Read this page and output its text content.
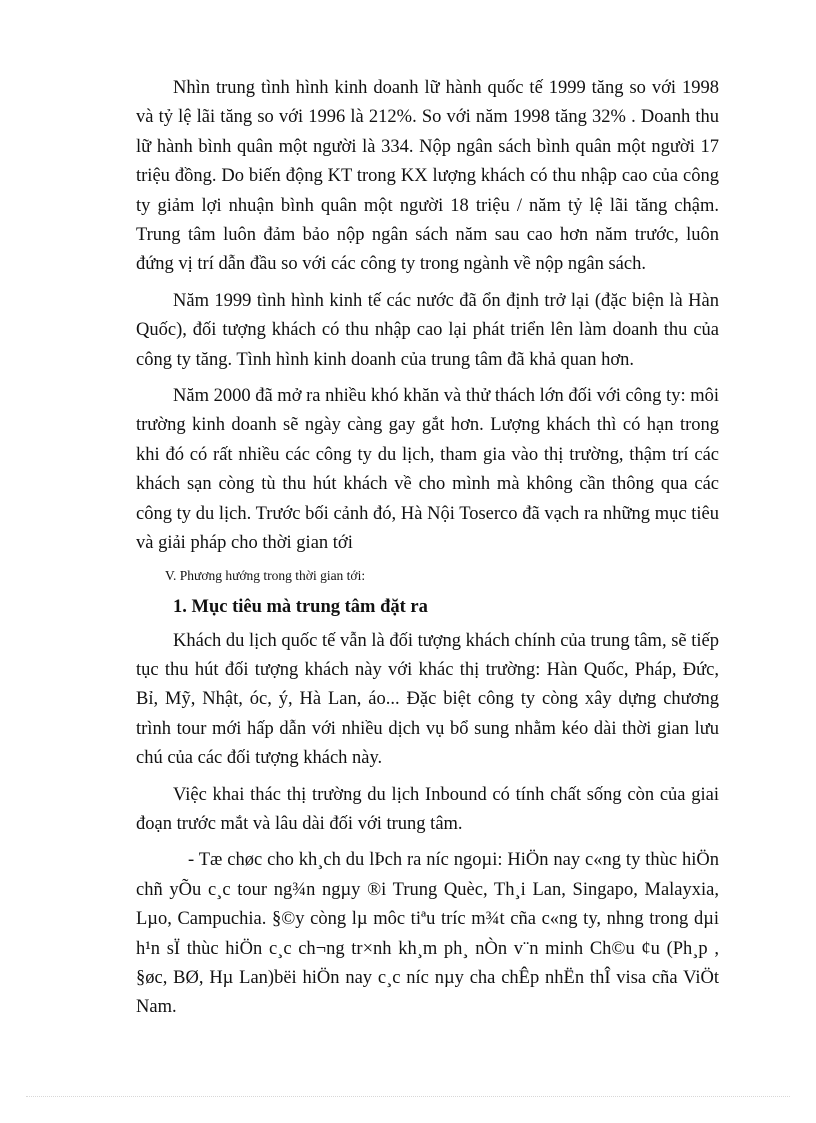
Nhìn trung tình hình kinh doanh lữ hành quốc tế 1999 tăng so với 1998 và tỷ lệ lãi tăng so với 1996 là 212%. So với năm 1998 tăng 32% . Doanh thu lữ hành bình quân một người là 334. Nộp ngân sách bình quân một người 17 triệu đồng. Do biến động KT trong KX lượng khách có thu nhập cao của công ty giảm lợi nhuận bình quân một người 18 triệu / năm tỷ lệ lãi tăng chậm. Trung tâm luôn đảm bảo nộp ngân sách năm sau cao hơn năm trước, luôn đứng vị trí dẫn đầu so với các công ty trong ngành về nộp ngân sách.

Năm 1999 tình hình kinh tế các nước đã ổn định trở lại (đặc biện là Hàn Quốc), đối tượng khách có thu nhập cao lại phát triển lên làm doanh thu của công ty tăng. Tình hình kinh doanh của trung tâm đã khả quan hơn.

Năm 2000 đã mở ra nhiều khó khăn và thử thách lớn đối với công ty: môi trường kinh doanh sẽ ngày càng gay gắt hơn. Lượng khách thì có hạn trong khi đó có rất nhiều các công ty du lịch, tham gia vào thị trường, thậm trí các khách sạn còng tù thu hút khách về cho mình mà không cần thông qua các công ty du lịch. Trước bối cảnh đó, Hà Nội Toserco đã vạch ra những mục tiêu và giải pháp cho thời gian tới

V. Phương hướng trong thời gian tới:
1. Mục tiêu mà trung tâm đặt ra

Khách du lịch quốc tế vẫn là đối tượng khách chính của trung tâm, sẽ tiếp tục thu hút đối tượng khách này với khác thị trường: Hàn Quốc, Pháp, Đức, Bỉ, Mỹ, Nhật, óc, ý, Hà Lan, áo... Đặc biệt công ty còng xây dựng chương trình tour mới hấp dẫn với nhiều dịch vụ bổ sung nhằm kéo dài thời gian lưu chú của các đối tượng khách này.

Việc khai thác thị trường du lịch Inbound có tính chất sống còn của giai đoạn trước mắt và lâu dài đối với trung tâm.

- Tæ chøc cho kh¸ch du lÞch ra níc ngoµi: HiÖn nay c«ng ty thùc hiÖn chñ yÕu c¸c tour ng¾n ngµy ®i Trung Quèc, Th¸i Lan, Singapo, Malayxia, Lµo, Campuchia. §©y còng lµ môc tiªu tríc m¾t cña c«ng ty, nhng trong dµi h¹n sÏ thùc hiÖn c¸c ch¬ng tr×nh kh¸m ph¸ nÒn v¨n minh Ch©u ¢u (Ph¸p , §øc, BØ, Hµ Lan)bëi hiÖn nay c¸c níc nµy cha chÊp nhËn thÎ visa cña ViÖt Nam.
